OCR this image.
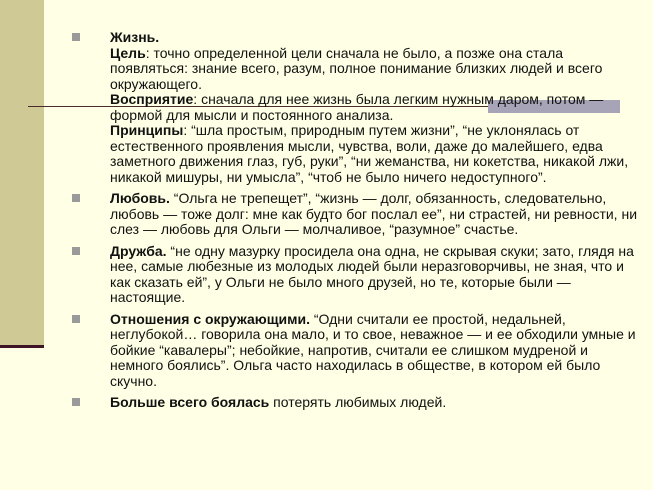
Жизнь.
Цель: точно определенной цели сначала не было, а позже она стала появляться: знание всего, разум, полное понимание близких людей и всего окружающего.
Восприятие: сначала для нее жизнь была легким нужным даром, потом — формой для мысли и постоянного анализа.
Принципы: “шла простым, природным путем жизни”, “не уклонялась от естественного проявления мысли, чувства, воли, даже до малейшего, едва заметного движения глаз, губ, руки”, “ни жеманства, ни кокетства, никакой лжи, никакой мишуры, ни умысла”, “чтоб не было ничего недоступного”.
Любовь. “Ольга не трепещет”, “жизнь — долг, обязанность, следовательно, любовь — тоже долг: мне как будто бог послал ее”, ни страстей, ни ревности, ни слез — любовь для Ольги — молчаливое, “разумное” счастье.
Дружба. “не одну мазурку просидела она одна, не скрывая скуки; зато, глядя на нее, самые любезные из молодых людей были неразговорчивы, не зная, что и как сказать ей”, у Ольги не было много друзей, но те, которые были — настоящие.
Отношения с окружающими. “Одни считали ее простой, недальней, неглубокой… говорила она мало, и то свое, неважное — и ее обходили умные и бойкие “кавалеры”; небойкие, напротив, считали ее слишком мудреной и немного боялись”. Ольга часто находилась в обществе, в котором ей было скучно.
Больше всего боялась потерять любимых людей.
